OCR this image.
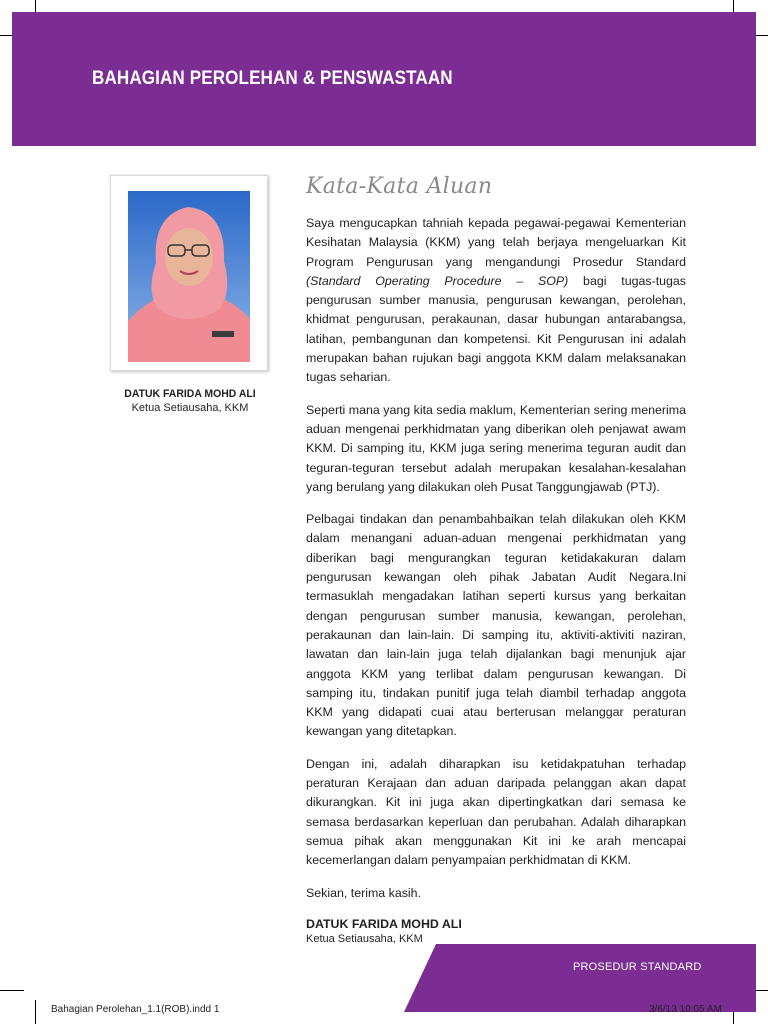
BAHAGIAN PEROLEHAN & PENSWASTAAN
DATUK FARIDA MOHD ALI
Ketua Setiausaha, KKM
Kata-Kata Aluan

Saya mengucapkan tahniah kepada pegawai-pegawai Kementerian Kesihatan Malaysia (KKM) yang telah berjaya mengeluarkan Kit Program Pengurusan yang mengandungi Prosedur Standard (Standard Operating Procedure – SOP) bagi tugas-tugas pengurusan sumber manusia, pengurusan kewangan, perolehan, khidmat pengurusan, perakaunan, dasar hubungan antarabangsa, latihan, pembangunan dan kompetensi. Kit Pengurusan ini adalah merupakan bahan rujukan bagi anggota KKM dalam melaksanakan tugas seharian.

Seperti mana yang kita sedia maklum, Kementerian sering menerima aduan mengenai perkhidmatan yang diberikan oleh penjawat awam KKM. Di samping itu, KKM juga sering menerima teguran audit dan teguran-teguran tersebut adalah merupakan kesalahan-kesalahan yang berulang yang dilakukan oleh Pusat Tanggungjawab (PTJ).

Pelbagai tindakan dan penambahbaikan telah dilakukan oleh KKM dalam menangani aduan-aduan mengenai perkhidmatan yang diberikan bagi mengurangkan teguran ketidakakuran dalam pengurusan kewangan oleh pihak Jabatan Audit Negara.Ini termasuklah mengadakan latihan seperti kursus yang berkaitan dengan pengurusan sumber manusia, kewangan, perolehan, perakaunan dan lain-lain. Di samping itu, aktiviti-aktiviti naziran, lawatan dan lain-lain juga telah dijalankan bagi menunjuk ajar anggota KKM yang terlibat dalam pengurusan kewangan. Di samping itu, tindakan punitif juga telah diambil terhadap anggota KKM yang didapati cuai atau berterusan melanggar peraturan kewangan yang ditetapkan.

Dengan ini, adalah diharapkan isu ketidakpatuhan terhadap peraturan Kerajaan dan aduan daripada pelanggan akan dapat dikurangkan. Kit ini juga akan dipertingkatkan dari semasa ke semasa berdasarkan keperluan dan perubahan. Adalah diharapkan semua pihak akan menggunakan Kit ini ke arah mencapai kecemerlangan dalam penyampaian perkhidmatan di KKM.

Sekian, terima kasih.

DATUK FARIDA MOHD ALI

Ketua Setiausaha, KKM

PROSEDUR STANDARD
Bahagian Perolehan_1.1(ROB).indd 1	3/6/13 10:05 AM
